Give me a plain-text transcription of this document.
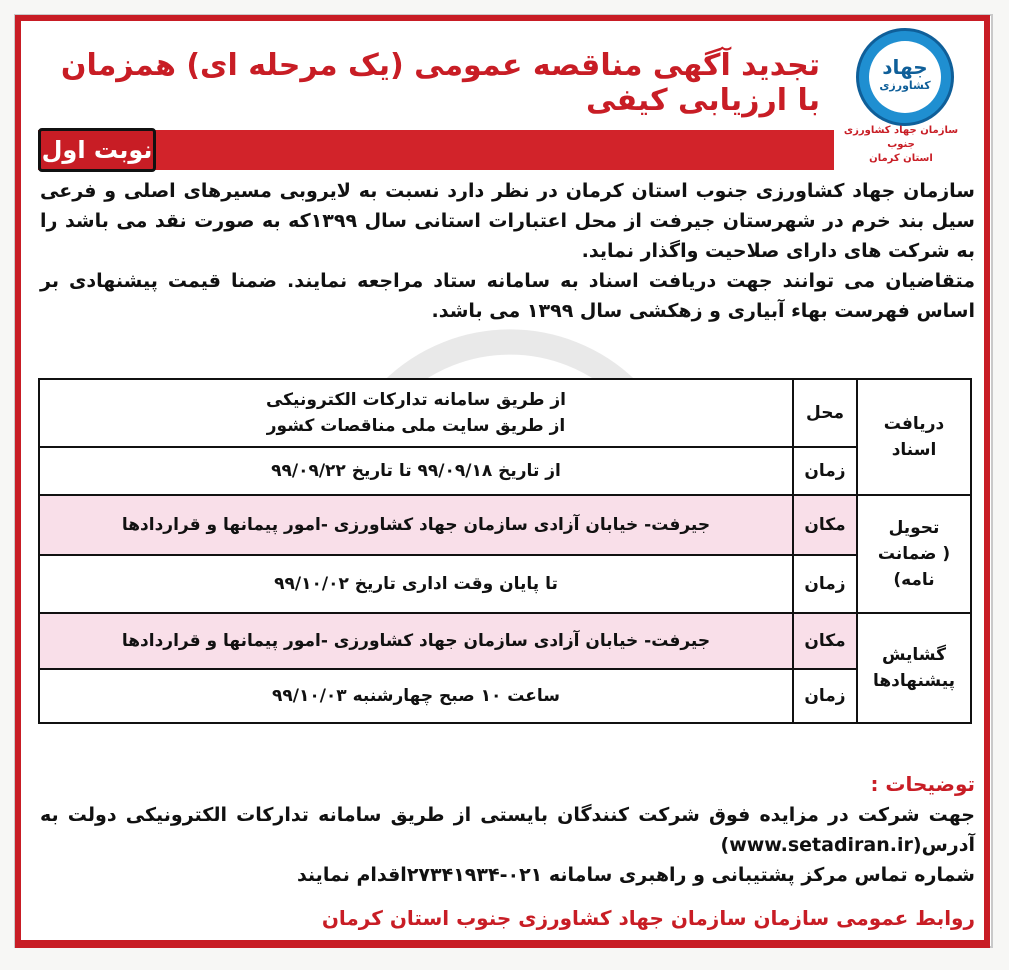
جهاد
کشاورزی
سازمان جهاد کشاورزی جنوب
استان کرمان
تجدید آگهی مناقصه عمومی (یک مرحله ای) همزمان با ارزیابی کیفی
نوبت اول

سازمان جهاد کشاورزی جنوب استان کرمان در نظر دارد نسبت به لایروبی مسیرهای اصلی و فرعی سیل بند خرم در شهرستان جیرفت از محل اعتبارات استانی سال ۱۳۹۹که به صورت نقد می باشد را به شرکت های دارای صلاحیت واگذار نماید.

متقاضیان می توانند جهت دریافت اسناد به سامانه ستاد مراجعه نمایند. ضمنا قیمت پیشنهادی بر اساس فهرست بهاء آبیاری و زهکشی سال ۱۳۹۹ می باشد.

دریافت اسناد	محل	از طریق سامانه تدارکات الکترونیکی
از طریق سایت ملی مناقصات کشور

	زمان	از تاریخ ۹۹/۰۹/۱۸ تا تاریخ ۹۹/۰۹/۲۲

تحویل
( ضمانت نامه)	مکان	جیرفت- خیابان آزادی سازمان جهاد کشاورزی -امور پیمانها و قراردادها
	زمان	تا پایان وقت اداری تاریخ ۹۹/۱۰/۰۲

گشایش
پیشنهادها	مکان	جیرفت- خیابان آزادی سازمان جهاد کشاورزی -امور پیمانها و قراردادها
	زمان	ساعت ۱۰ صبح چهارشنبه ۹۹/۱۰/۰۳
توضیحات :

جهت شرکت در مزایده فوق شرکت کنندگان بایستی از طریق سامانه تدارکات الکترونیکی دولت به آدرس(www.setadiran.ir)

شماره تماس مرکز پشتیبانی و راهبری سامانه ۰۲۱-۲۷۳۴۱۹۳۴اقدام نمایند

روابط عمومی سازمان سازمان جهاد کشاورزی جنوب استان کرمان
